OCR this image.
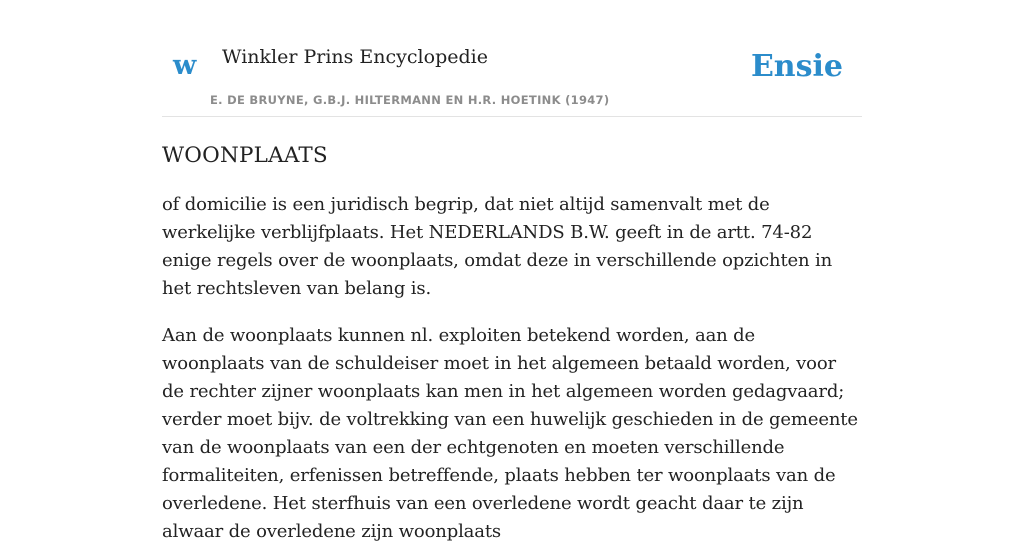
w Winkler Prins Encyclopedie
E. DE BRUYNE, G.B.J. HILTERMANN EN H.R. HOETINK (1947)
Ensie
WOONPLAATS

of domicilie is een juridisch begrip, dat niet altijd samenvalt met de werkelijke verblijfplaats. Het NEDERLANDS B.W. geeft in de artt. 74-82 enige regels over de woonplaats, omdat deze in verschillende opzichten in het rechtsleven van belang is.

Aan de woonplaats kunnen nl. exploiten betekend worden, aan de woonplaats van de schuldeiser moet in het algemeen betaald worden, voor de rechter zijner woonplaats kan men in het algemeen worden gedagvaard; verder moet bijv. de voltrekking van een huwelijk geschieden in de gemeente van de woonplaats van een der echtgenoten en moeten verschillende formaliteiten, erfenissen betreffende, plaats hebben ter woonplaats van de overledene. Het sterfhuis van een overledene wordt geacht daar te zijn alwaar de overledene zijn woonplaats
